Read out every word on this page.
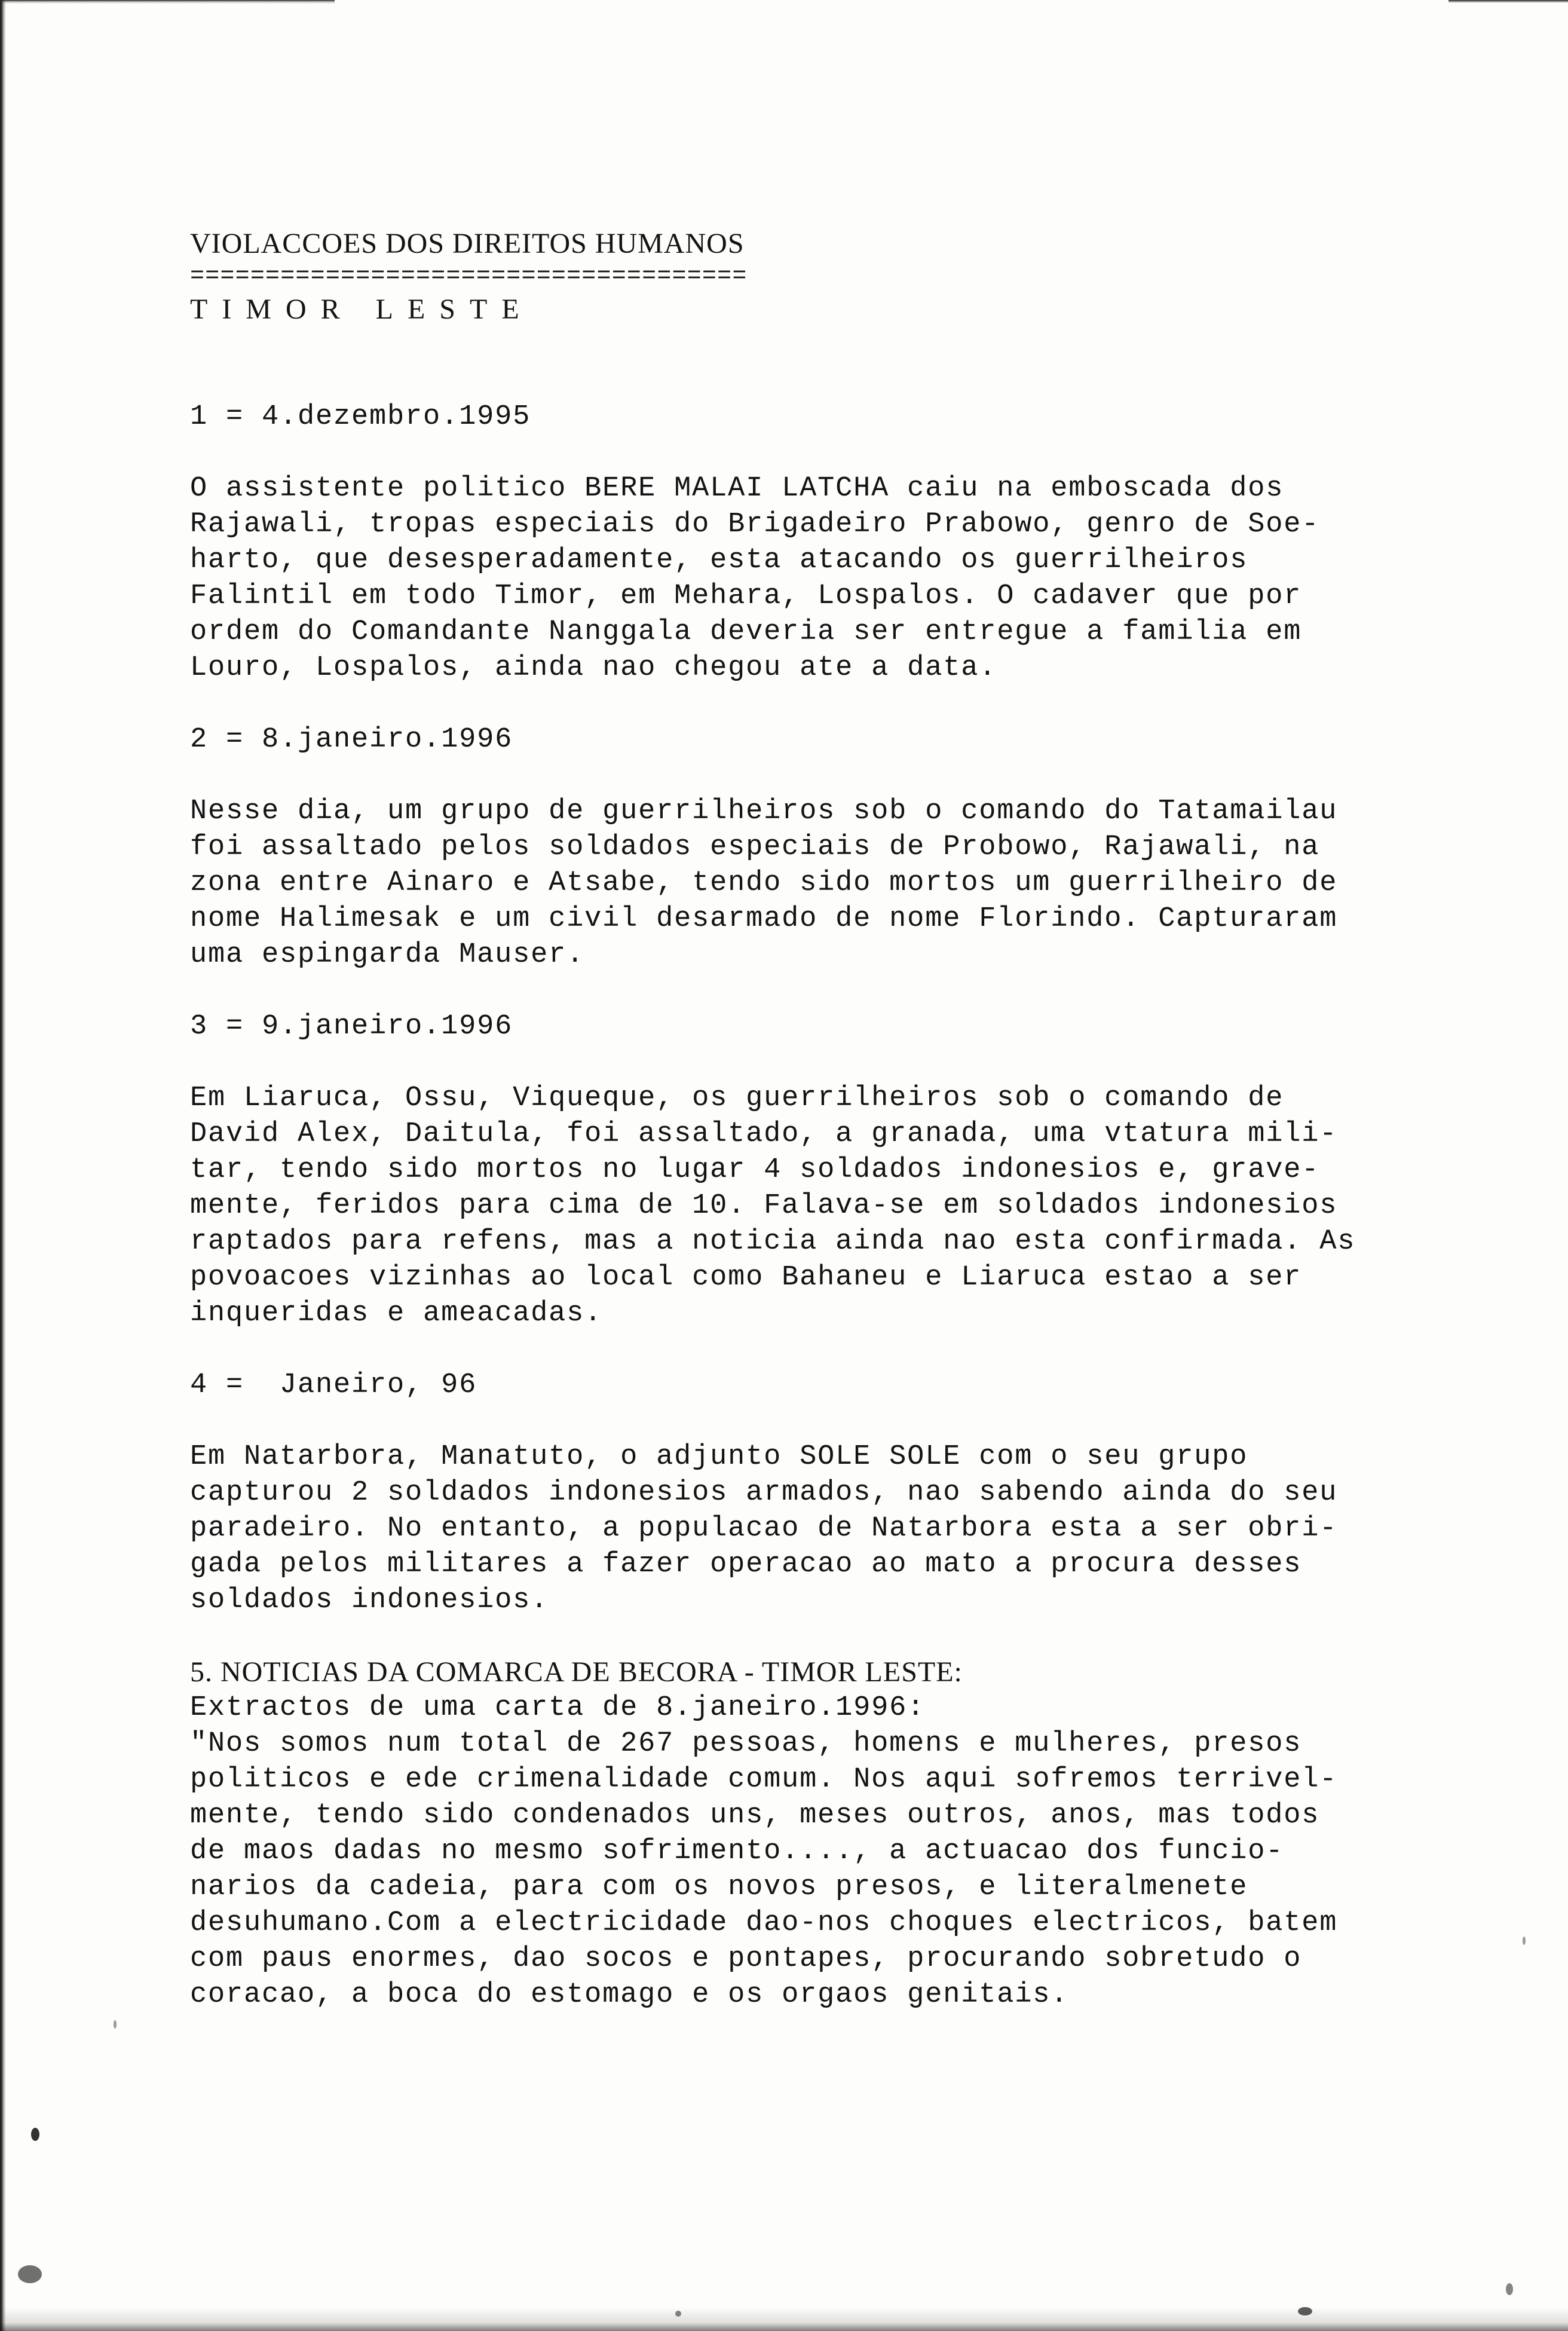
VIOLACCOES DOS DIREITOS HUMANOS

=====================================

TIMOR LESTE

1 = 4.dezembro.1995

O assistente politico BERE MALAI LATCHA caiu na emboscada dos

Rajawali, tropas especiais do Brigadeiro Prabowo, genro de Soe-

harto, que desesperadamente, esta atacando os guerrilheiros

Falintil em todo Timor, em Mehara, Lospalos. O cadaver que por

ordem do Comandante Nanggala deveria ser entregue a familia em

Louro, Lospalos, ainda nao chegou ate a data.

2 = 8.janeiro.1996

Nesse dia, um grupo de guerrilheiros sob o comando do Tatamailau

foi assaltado pelos soldados especiais de Probowo, Rajawali, na

zona entre Ainaro e Atsabe, tendo sido mortos um guerrilheiro de

nome Halimesak e um civil desarmado de nome Florindo. Capturaram

uma espingarda Mauser.

3 = 9.janeiro.1996

Em Liaruca, Ossu, Viqueque, os guerrilheiros sob o comando de

David Alex, Daitula, foi assaltado, a granada, uma vtatura mili-

tar, tendo sido mortos no lugar 4 soldados indonesios e, grave-

mente, feridos para cima de 10. Falava-se em soldados indonesios

raptados para refens, mas a noticia ainda nao esta confirmada. As

povoacoes vizinhas ao local como Bahaneu e Liaruca estao a ser

inqueridas e ameacadas.

4 =  Janeiro, 96

Em Natarbora, Manatuto, o adjunto SOLE SOLE com o seu grupo

capturou 2 soldados indonesios armados, nao sabendo ainda do seu

paradeiro. No entanto, a populacao de Natarbora esta a ser obri-

gada pelos militares a fazer operacao ao mato a procura desses

soldados indonesios.

5. NOTICIAS DA COMARCA DE BECORA - TIMOR LESTE:

Extractos de uma carta de 8.janeiro.1996:

"Nos somos num total de 267 pessoas, homens e mulheres, presos

politicos e ede crimenalidade comum. Nos aqui sofremos terrivel-

mente, tendo sido condenados uns, meses outros, anos, mas todos

de maos dadas no mesmo sofrimento...., a actuacao dos funcio-

narios da cadeia, para com os novos presos, e literalmenete

desuhumano.Com a electricidade dao-nos choques electricos, batem

com paus enormes, dao socos e pontapes, procurando sobretudo o

coracao, a boca do estomago e os orgaos genitais.
